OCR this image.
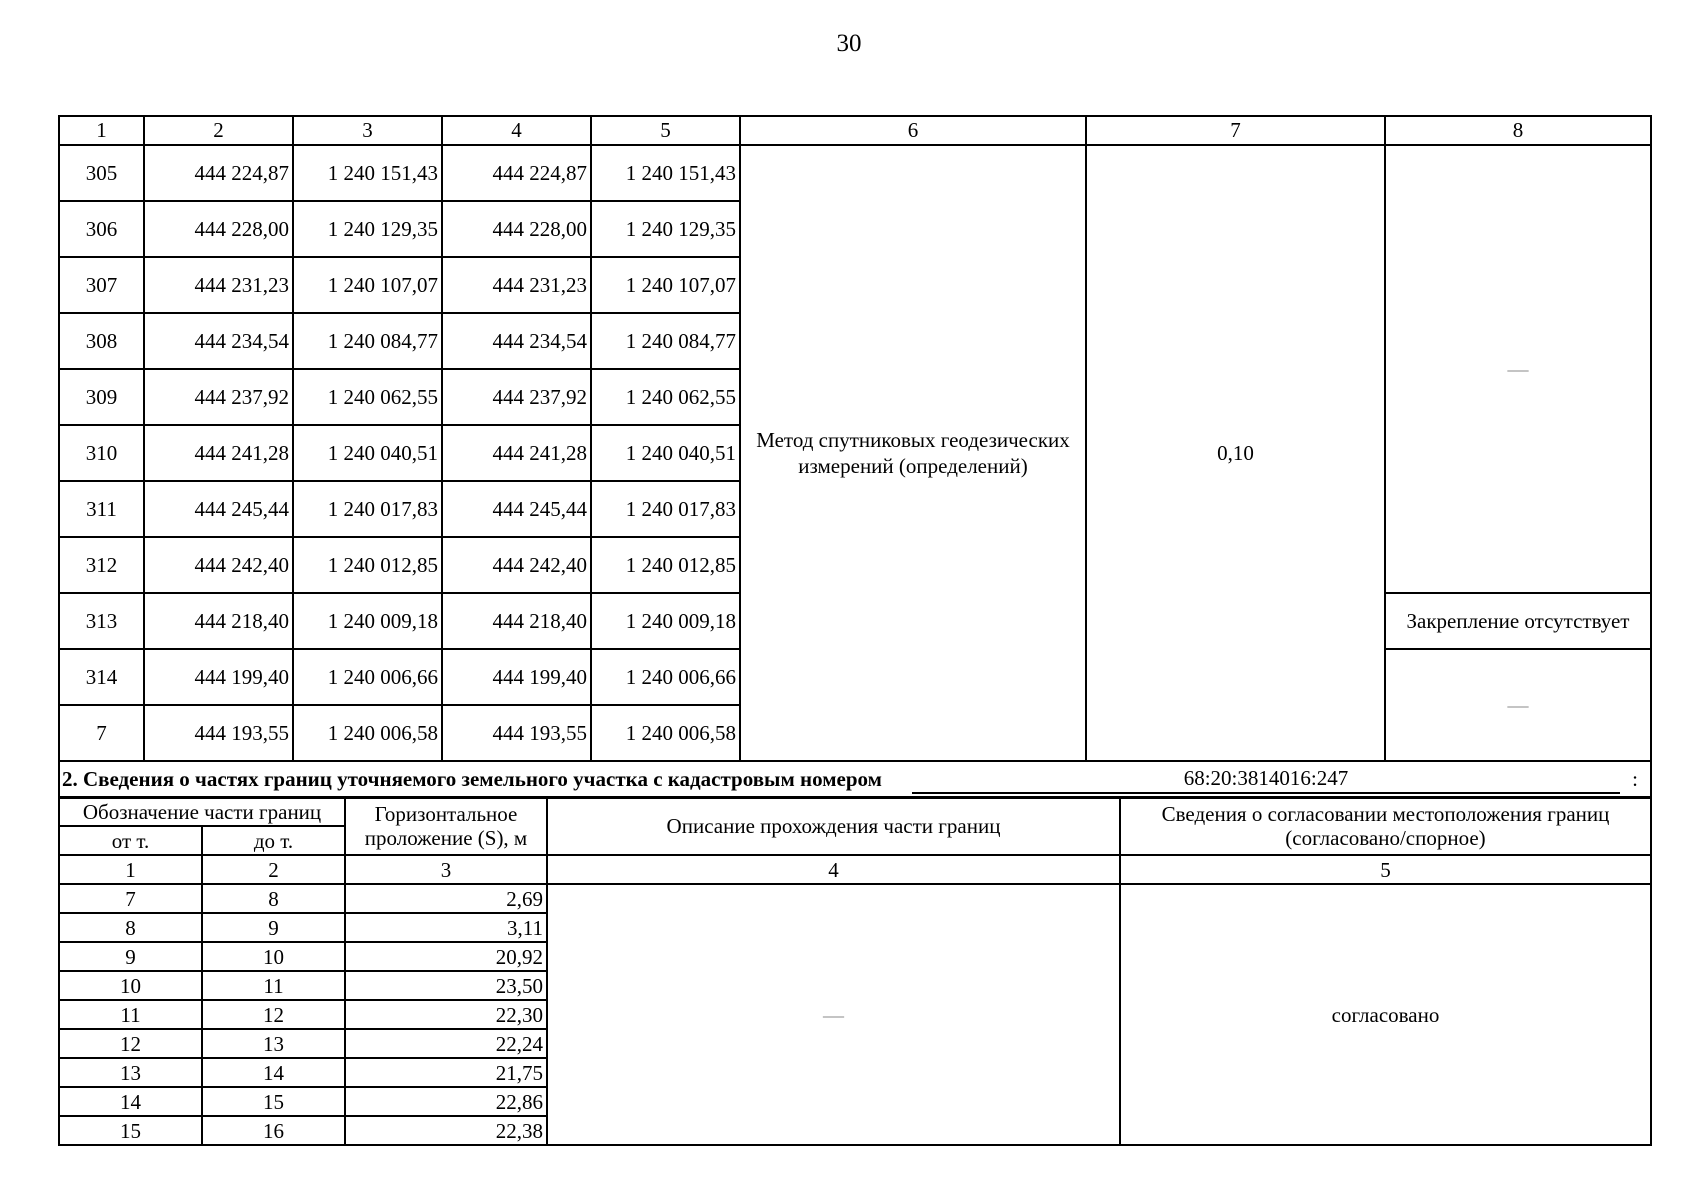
30
1	2	3	4	5	6	7	8
305	444 224,87	1 240 151,43	444 224,87	1 240 151,43	Метод спутниковых геодезических измерений (определений)	0,10	—
306	444 228,00	1 240 129,35	444 228,00	1 240 129,35			
307	444 231,23	1 240 107,07	444 231,23	1 240 107,07			
308	444 234,54	1 240 084,77	444 234,54	1 240 084,77			
309	444 237,92	1 240 062,55	444 237,92	1 240 062,55			
310	444 241,28	1 240 040,51	444 241,28	1 240 040,51			
311	444 245,44	1 240 017,83	444 245,44	1 240 017,83			
312	444 242,40	1 240 012,85	444 242,40	1 240 012,85			
313	444 218,40	1 240 009,18	444 218,40	1 240 009,18			Закрепление отсутствует
314	444 199,40	1 240 006,66	444 199,40	1 240 006,66			—
7	444 193,55	1 240 006,58	444 193,55	1 240 006,58			

2. Сведения о частях границ уточняемого земельного участка с кадастровым номером 68:20:3814016:247 :							
Обозначение части границ		Горизонтальное проложение (S), м	Описание прохождения части границ	Сведения о согласовании местоположения границ (согласовано/спорное)
от т.	до т.			
1	2	3	4	5
7	8	2,69	—	согласовано
8	9	3,11		
9	10	20,92		
10	11	23,50		
11	12	22,30		
12	13	22,24		
13	14	21,75		
14	15	22,86		
15	16	22,38		
